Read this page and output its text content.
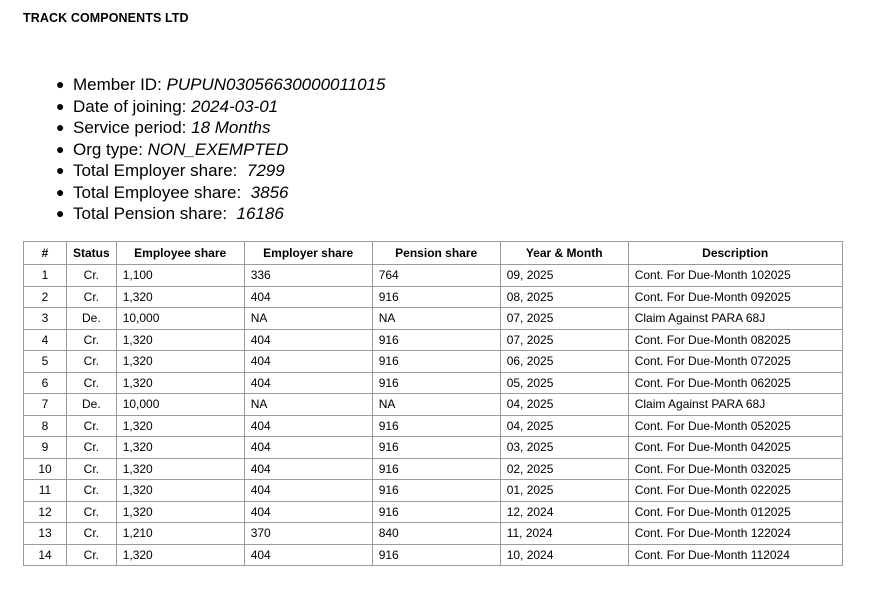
TRACK COMPONENTS LTD
● Member ID: PUPUN03056630000011015
● Date of joining: 2024-03-01
● Service period: 18 Months
● Org type: NON_EXEMPTED
● Total Employer share:  7299
● Total Employee share:  3856
● Total Pension share:  16186
#	Status	Employee share	Employer share	Pension share	Year & Month	Description
1	Cr.	1,100	336	764	09, 2025	Cont. For Due-Month 102025
2	Cr.	1,320	404	916	08, 2025	Cont. For Due-Month 092025
3	De.	10,000	NA	NA	07, 2025	Claim Against PARA 68J
4	Cr.	1,320	404	916	07, 2025	Cont. For Due-Month 082025
5	Cr.	1,320	404	916	06, 2025	Cont. For Due-Month 072025
6	Cr.	1,320	404	916	05, 2025	Cont. For Due-Month 062025
7	De.	10,000	NA	NA	04, 2025	Claim Against PARA 68J
8	Cr.	1,320	404	916	04, 2025	Cont. For Due-Month 052025
9	Cr.	1,320	404	916	03, 2025	Cont. For Due-Month 042025
10	Cr.	1,320	404	916	02, 2025	Cont. For Due-Month 032025
11	Cr.	1,320	404	916	01, 2025	Cont. For Due-Month 022025
12	Cr.	1,320	404	916	12, 2024	Cont. For Due-Month 012025
13	Cr.	1,210	370	840	11, 2024	Cont. For Due-Month 122024
14	Cr.	1,320	404	916	10, 2024	Cont. For Due-Month 112024
